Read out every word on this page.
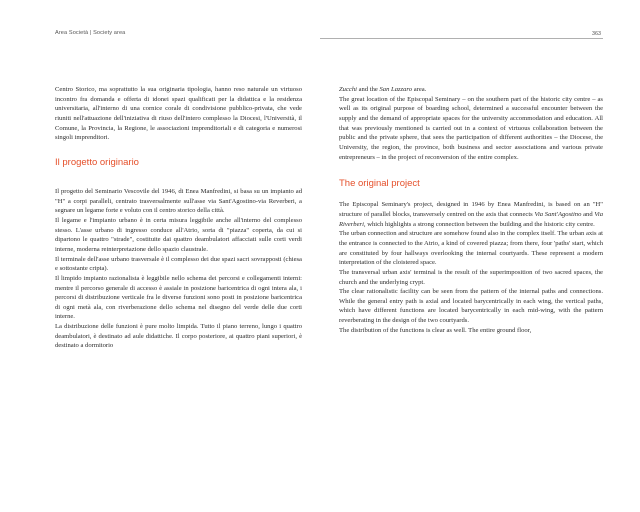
Area Società | Society area	363

Centro Storico, ma soprattutto la sua originaria tipologia, hanno reso naturale un virtuoso incontro fra domanda e offerta di idonei spazi qualificati per la didattica e la residenza universitaria, all'interno di una cornice corale di condivisione pubblico-privata, che vede riuniti nell'attuazione dell'iniziativa di riuso dell'intero complesso la Diocesi, l'Università, il Comune, la Provincia, la Regione, le associazioni imprenditoriali e di categoria e numerosi singoli imprenditori.

Il progetto originario

Il progetto del Seminario Vescovile del 1946, di Enea Manfredini, si basa su un impianto ad "H" a corpi paralleli, centrato trasversalmente sull'asse via Sant'Agostino-via Reverberi, a segnare un legame forte e voluto con il centro storico della città.

Il legame e l'impianto urbano è in certa misura leggibile anche all'interno del complesso stesso. L'asse urbano di ingresso conduce all'Atrio, sorta di "piazza" coperta, da cui si dipartono le quattro "strade", costituite dai quattro deambulatori affacciati sulle corti verdi interne, moderna reinterpretazione dello spazio claustrale.

Il terminale dell'asse urbano trasversale è il complesso dei due spazi sacri sovrapposti (chiesa e sottostante cripta).

Il limpido impianto razionalista è leggibile nello schema dei percorsi e collegamenti interni: mentre il percorso generale di accesso è assiale in posizione baricentrica di ogni intera ala, i percorsi di distribuzione verticale fra le diverse funzioni sono posti in posizione baricentrica di ogni metà ala, con riverberazione dello schema nel disegno del verde delle due corti interne.

La distribuzione delle funzioni è pure molto limpida. Tutto il piano terreno, lungo i quattro deambulatori, è destinato ad aule didattiche. Il corpo posteriore, ai quattro piani superiori, è destinato a dormitorio

Zucchi and the San Lazzaro area.

The great location of the Episcopal Seminary – on the southern part of the historic city centre – as well as its original purpose of boarding school, determined a successful encounter between the supply and the demand of appropriate spaces for the university accommodation and education. All that was previously mentioned is carried out in a context of virtuous collaboration between the public and the private sphere, that sees the participation of different authorities – the Diocese, the University, the region, the province, both business and sector associations and various private entrepreneurs – in the project of reconversion of the entire complex.

The original project

The Episcopal Seminary's project, designed in 1946 by Enea Manfredini, is based on an "H" structure of parallel blocks, transversely centred on the axis that connects Via Sant'Agostino and Via Riverberi, which highlights a strong connection between the building and the historic city centre.

The urban connection and structure are somehow found also in the complex itself. The urban axis at the entrance is connected to the Atrio, a kind of covered piazza; from there, four 'paths' start, which are constituted by four hallways overlooking the internal courtyards. These represent a modern interpretation of the cloistered space.

The transversal urban axis' terminal is the result of the superimposition of two sacred spaces, the church and the underlying crypt.

The clear rationalistic facility can be seen from the pattern of the internal paths and connections. While the general entry path is axial and located barycentrically in each wing, the vertical paths, which have different functions are located barycentrically in each mid-wing, with the pattern reverberating in the design of the two courtyards.

The distribution of the functions is clear as well. The entire ground floor,
